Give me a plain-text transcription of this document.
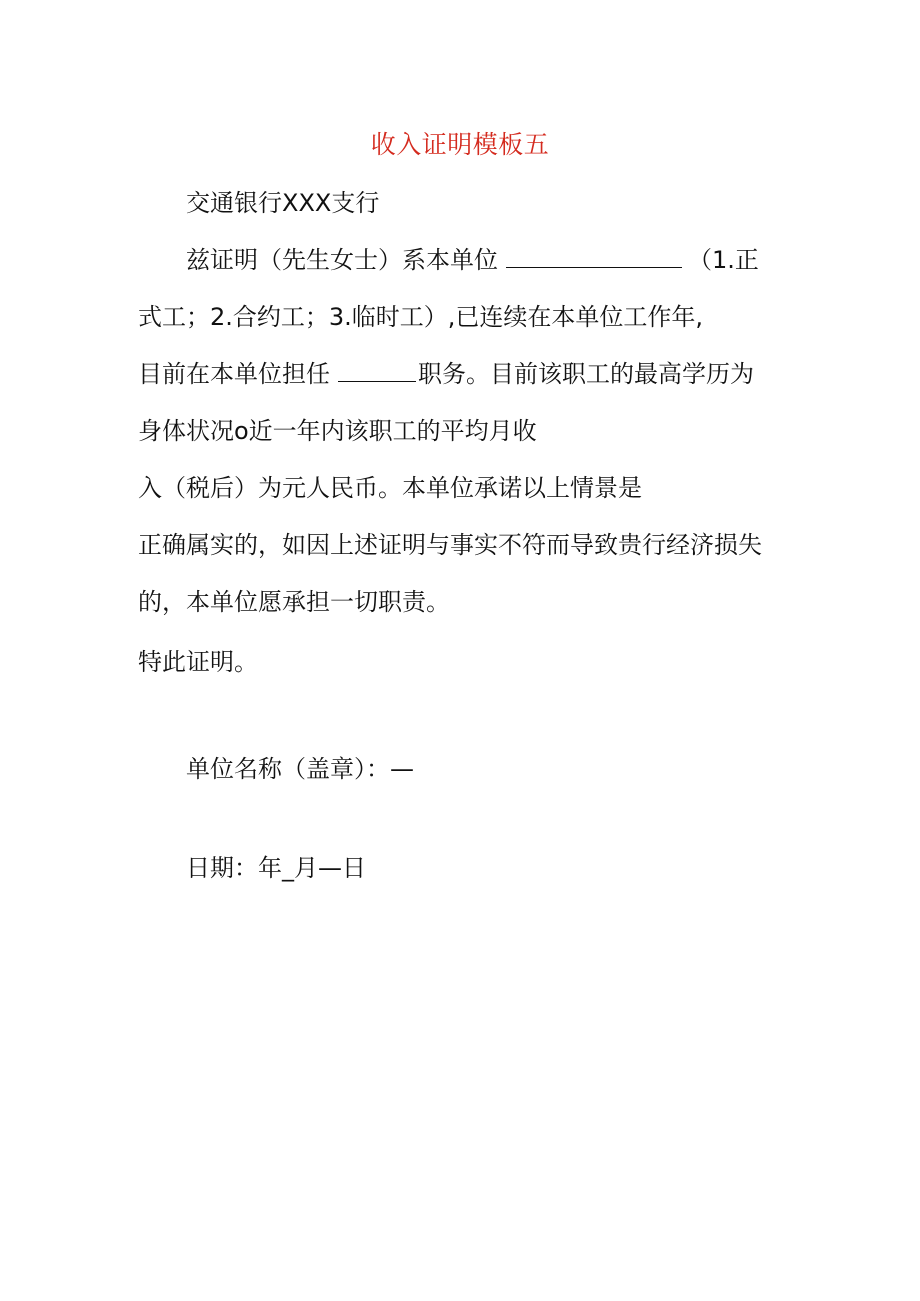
收入证明模板五
交通银行XXX支行
兹证明（先生女士）系本单位	（1.正
式工；2.合约工；3.临时工）,已连续在本单位工作年,
目前在本单位担任	职务。目前该职工的最高学历为
身体状况o近一年内该职工的平均月收
入（税后）为元人民币。本单位承诺以上情景是
正确属实的，如因上述证明与事实不符而导致贵行经济损失
的，本单位愿承担一切职责。
特此证明。
单位名称（盖章）：—
日期：年_月—日
